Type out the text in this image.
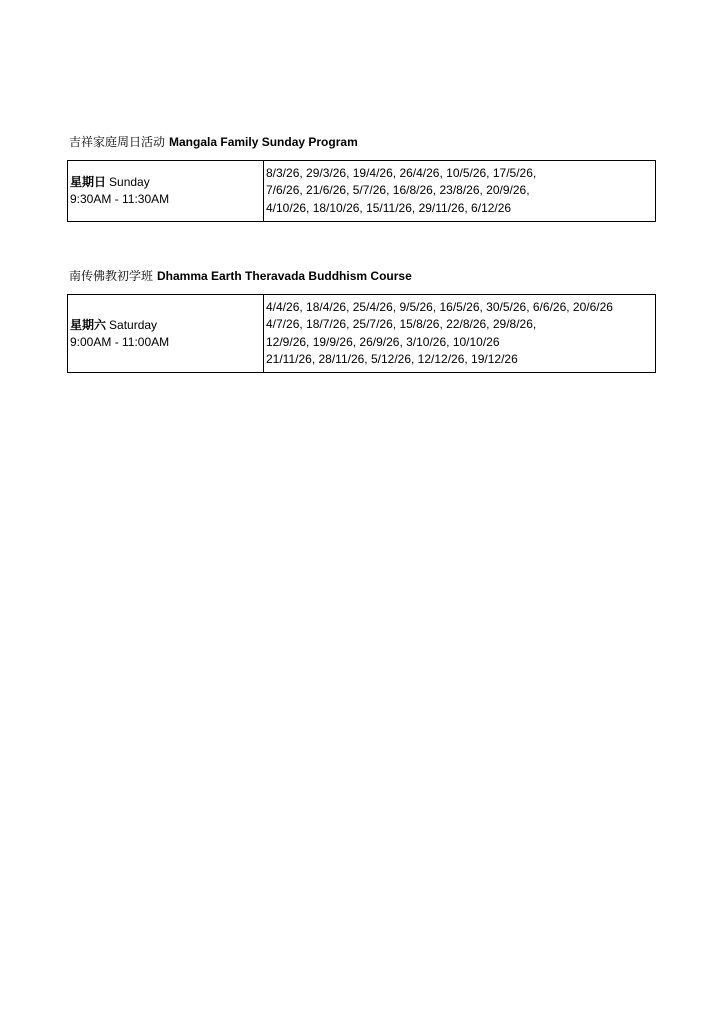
吉祥家庭周日活动 Mangala Family Sunday Program
星期日 Sunday
9:30AM - 11:30AM
8/3/26, 29/3/26, 19/4/26, 26/4/26, 10/5/26, 17/5/26,
7/6/26, 21/6/26, 5/7/26, 16/8/26, 23/8/26, 20/9/26,
4/10/26, 18/10/26, 15/11/26, 29/11/26, 6/12/26
南传佛教初学班 Dhamma Earth Theravada Buddhism Course
星期六 Saturday
9:00AM - 11:00AM
4/4/26, 18/4/26, 25/4/26, 9/5/26, 16/5/26, 30/5/26, 6/6/26, 20/6/26
4/7/26, 18/7/26, 25/7/26, 15/8/26, 22/8/26, 29/8/26,
12/9/26, 19/9/26, 26/9/26, 3/10/26, 10/10/26
21/11/26, 28/11/26, 5/12/26, 12/12/26, 19/12/26
